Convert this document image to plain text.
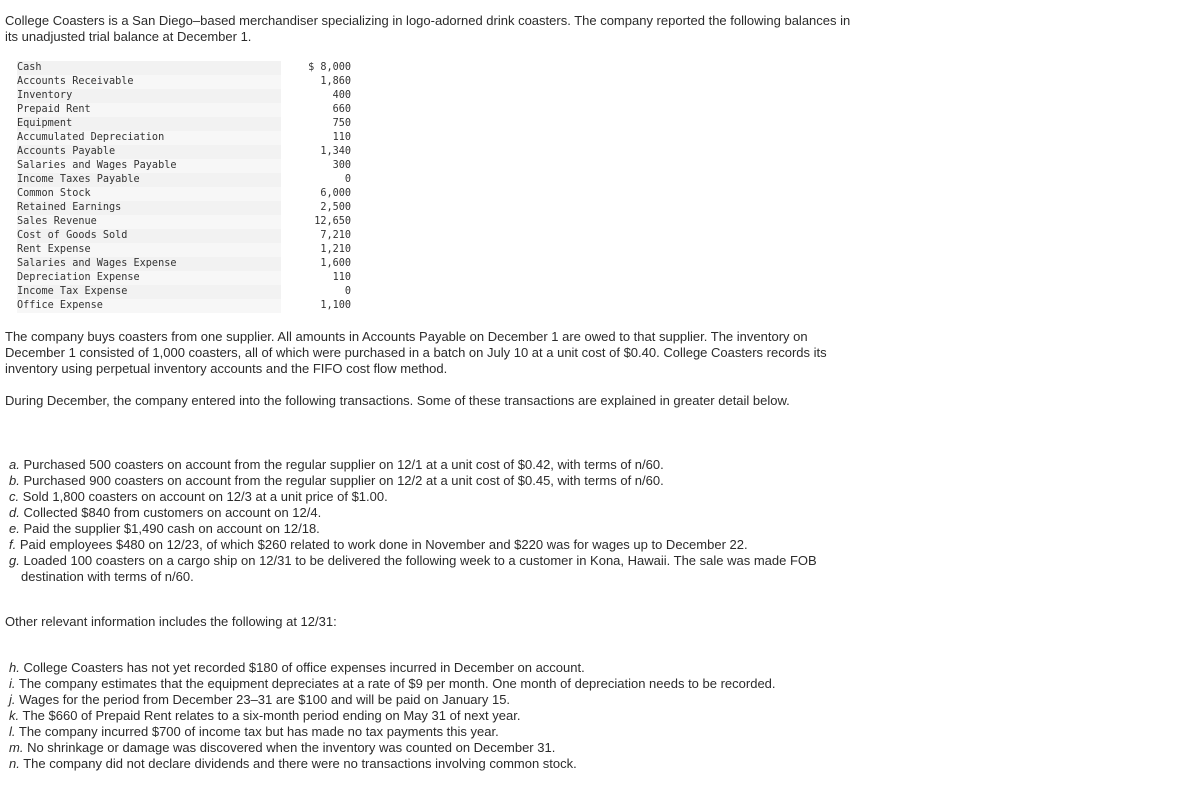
College Coasters is a San Diego–based merchandiser specializing in logo-adorned drink coasters. The company reported the following balances in its unadjusted trial balance at December 1.

Cash	$ 8,000
Accounts Receivable	1,860
Inventory	400
Prepaid Rent	660
Equipment	750
Accumulated Depreciation	110
Accounts Payable	1,340
Salaries and Wages Payable	300
Income Taxes Payable	0
Common Stock	6,000
Retained Earnings	2,500
Sales Revenue	12,650
Cost of Goods Sold	7,210
Rent Expense	1,210
Salaries and Wages Expense	1,600
Depreciation Expense	110
Income Tax Expense	0
Office Expense	1,100

The company buys coasters from one supplier. All amounts in Accounts Payable on December 1 are owed to that supplier. The inventory on December 1 consisted of 1,000 coasters, all of which were purchased in a batch on July 10 at a unit cost of $0.40. College Coasters records its inventory using perpetual inventory accounts and the FIFO cost flow method.

During December, the company entered into the following transactions. Some of these transactions are explained in greater detail below.

a. Purchased 500 coasters on account from the regular supplier on 12/1 at a unit cost of $0.42, with terms of n/60.

b. Purchased 900 coasters on account from the regular supplier on 12/2 at a unit cost of $0.45, with terms of n/60.

c. Sold 1,800 coasters on account on 12/3 at a unit price of $1.00.

d. Collected $840 from customers on account on 12/4.

e. Paid the supplier $1,490 cash on account on 12/18.

f. Paid employees $480 on 12/23, of which $260 related to work done in November and $220 was for wages up to December 22.

g. Loaded 100 coasters on a cargo ship on 12/31 to be delivered the following week to a customer in Kona, Hawaii. The sale was made FOB destination with terms of n/60.

Other relevant information includes the following at 12/31:

h. College Coasters has not yet recorded $180 of office expenses incurred in December on account.

i. The company estimates that the equipment depreciates at a rate of $9 per month. One month of depreciation needs to be recorded.

j. Wages for the period from December 23–31 are $100 and will be paid on January 15.

k. The $660 of Prepaid Rent relates to a six-month period ending on May 31 of next year.

l. The company incurred $700 of income tax but has made no tax payments this year.

m. No shrinkage or damage was discovered when the inventory was counted on December 31.

n. The company did not declare dividends and there were no transactions involving common stock.
